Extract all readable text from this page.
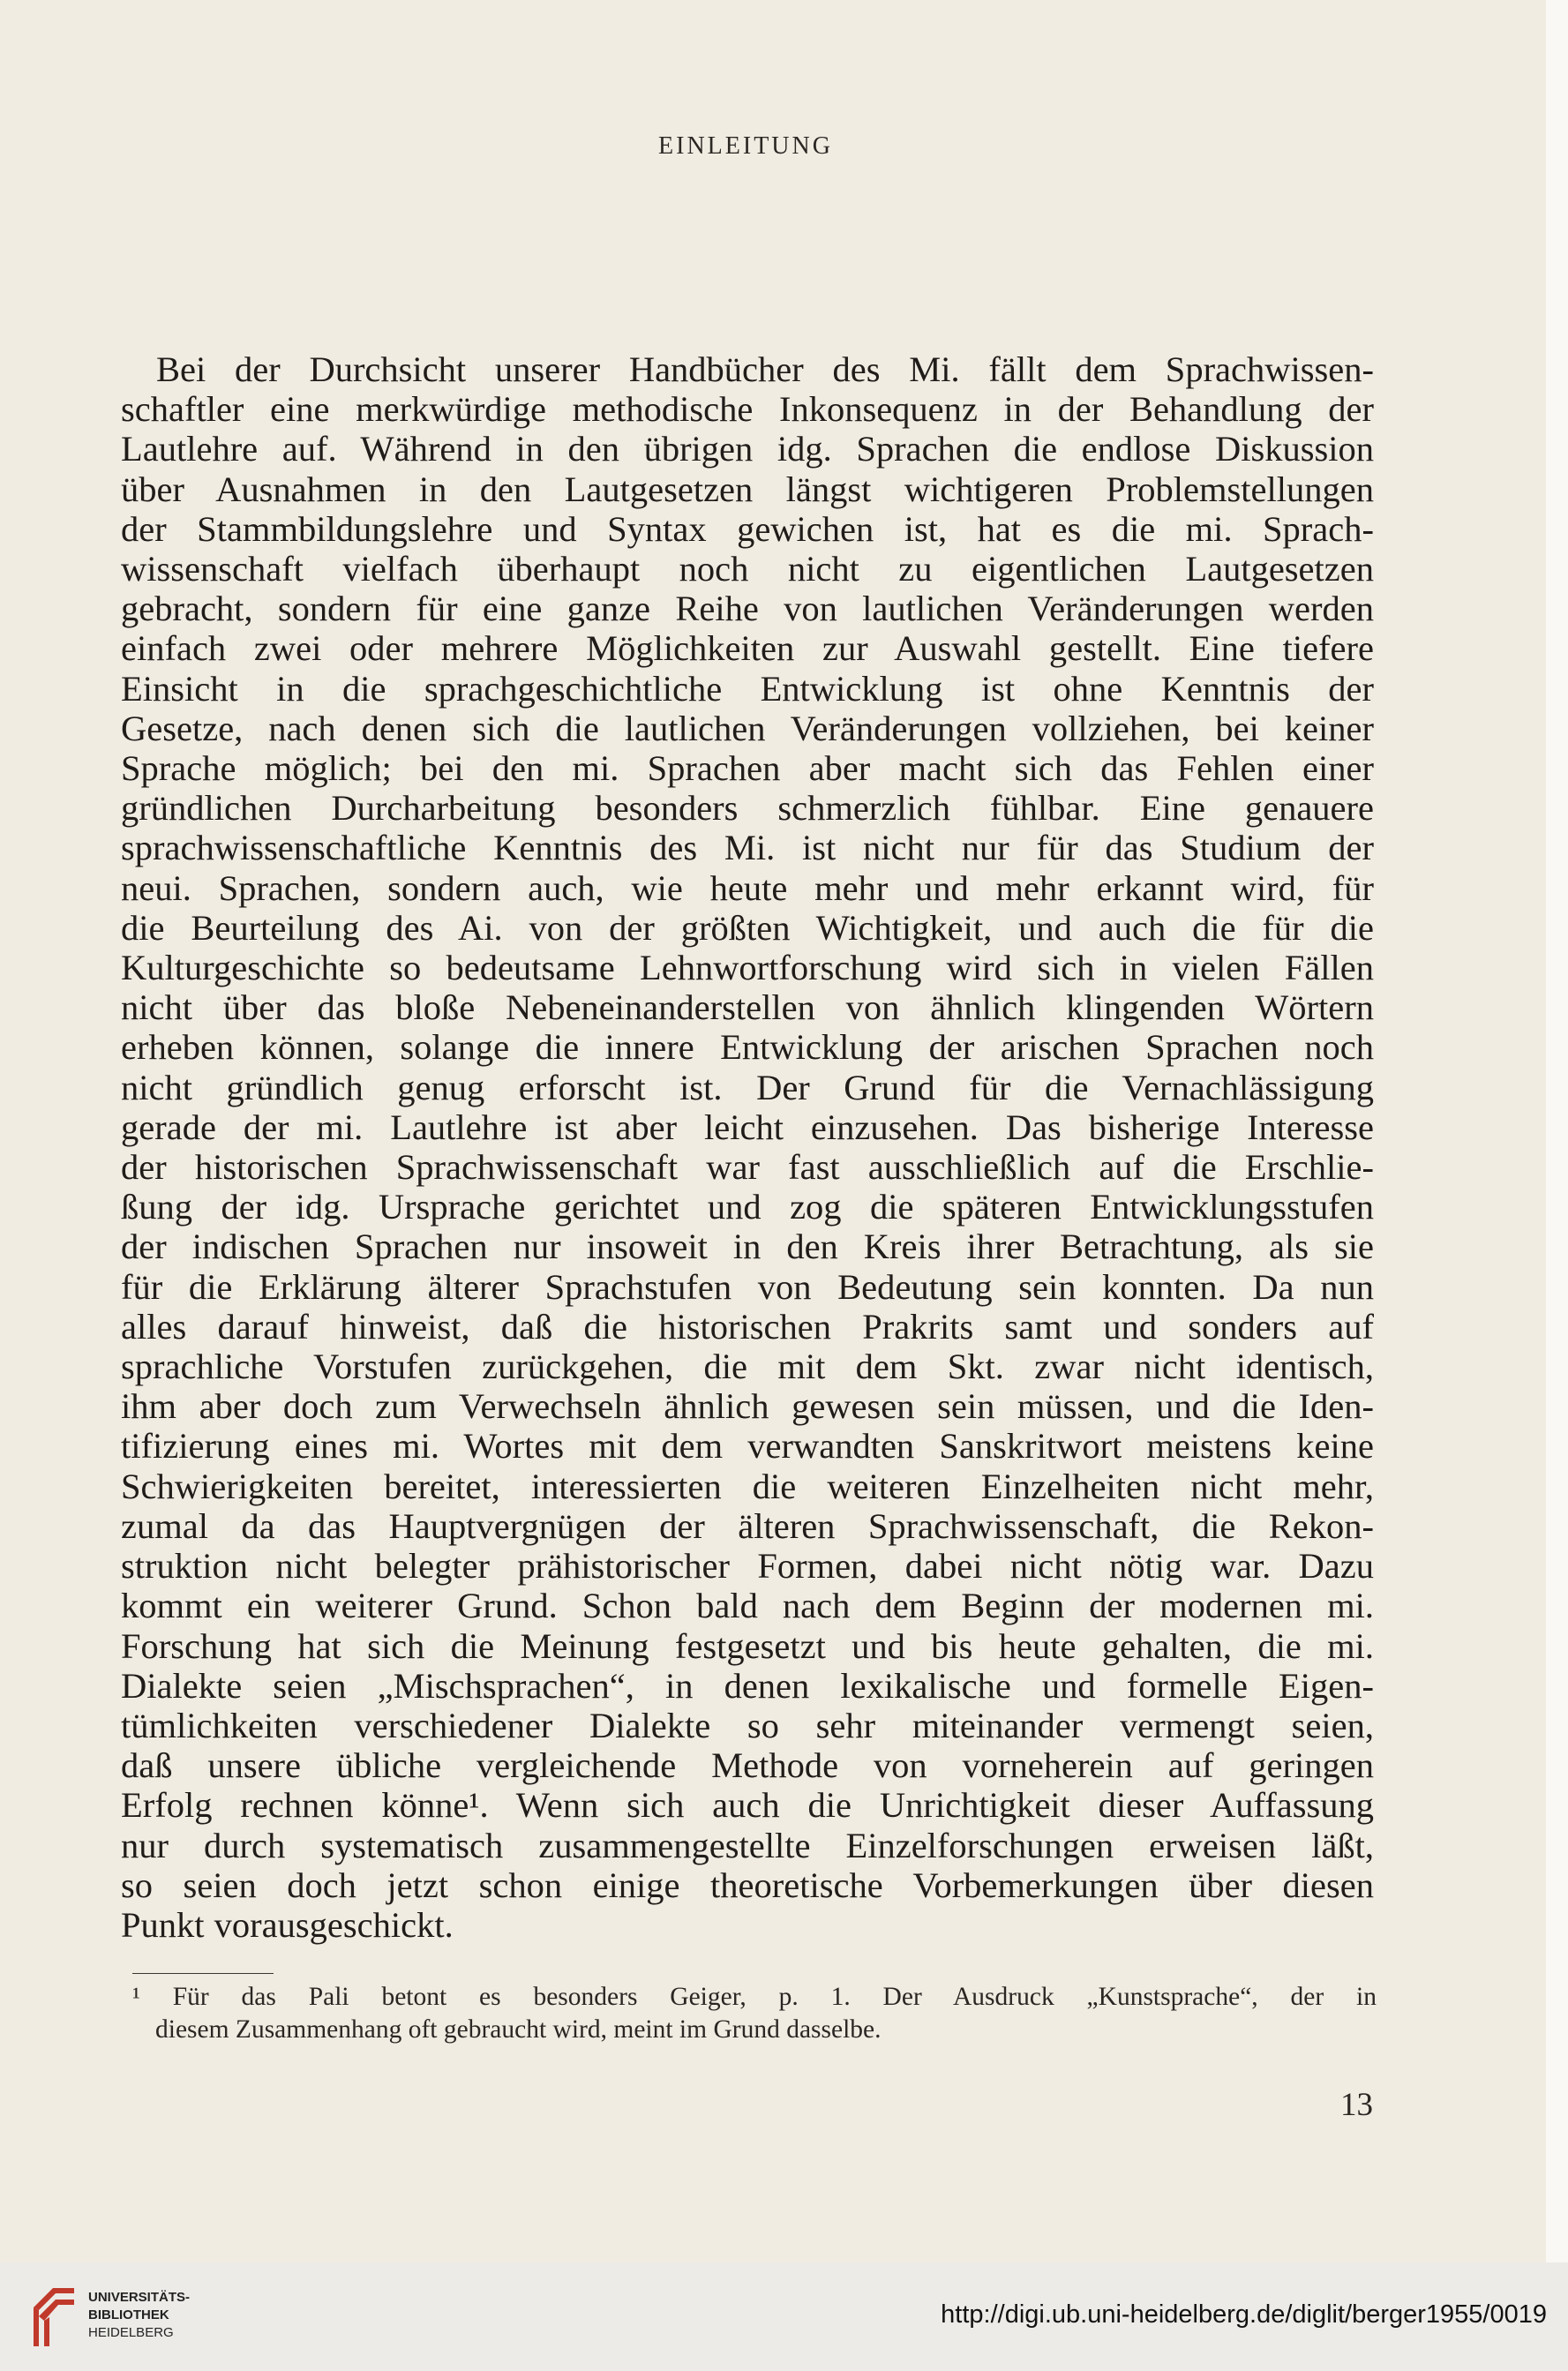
EINLEITUNG
Bei der Durchsicht unserer Handbücher des Mi. fällt dem Sprachwissen-
schaftler eine merkwürdige methodische Inkonsequenz in der Behandlung der
Lautlehre auf. Während in den übrigen idg. Sprachen die endlose Diskussion
über Ausnahmen in den Lautgesetzen längst wichtigeren Problemstellungen
der Stammbildungslehre und Syntax gewichen ist, hat es die mi. Sprach-
wissenschaft vielfach überhaupt noch nicht zu eigentlichen Lautgesetzen
gebracht, sondern für eine ganze Reihe von lautlichen Veränderungen werden
einfach zwei oder mehrere Möglichkeiten zur Auswahl gestellt. Eine tiefere
Einsicht in die sprachgeschichtliche Entwicklung ist ohne Kenntnis der
Gesetze, nach denen sich die lautlichen Veränderungen vollziehen, bei keiner
Sprache möglich; bei den mi. Sprachen aber macht sich das Fehlen einer
gründlichen Durcharbeitung besonders schmerzlich fühlbar. Eine genauere
sprachwissenschaftliche Kenntnis des Mi. ist nicht nur für das Studium der
neui. Sprachen, sondern auch, wie heute mehr und mehr erkannt wird, für
die Beurteilung des Ai. von der größten Wichtigkeit, und auch die für die
Kulturgeschichte so bedeutsame Lehnwortforschung wird sich in vielen Fällen
nicht über das bloße Nebeneinanderstellen von ähnlich klingenden Wörtern
erheben können, solange die innere Entwicklung der arischen Sprachen noch
nicht gründlich genug erforscht ist. Der Grund für die Vernachlässigung
gerade der mi. Lautlehre ist aber leicht einzusehen. Das bisherige Interesse
der historischen Sprachwissenschaft war fast ausschließlich auf die Erschlie-
ßung der idg. Ursprache gerichtet und zog die späteren Entwicklungsstufen
der indischen Sprachen nur insoweit in den Kreis ihrer Betrachtung, als sie
für die Erklärung älterer Sprachstufen von Bedeutung sein konnten. Da nun
alles darauf hinweist, daß die historischen Prakrits samt und sonders auf
sprachliche Vorstufen zurückgehen, die mit dem Skt. zwar nicht identisch,
ihm aber doch zum Verwechseln ähnlich gewesen sein müssen, und die Iden-
tifizierung eines mi. Wortes mit dem verwandten Sanskritwort meistens keine
Schwierigkeiten bereitet, interessierten die weiteren Einzelheiten nicht mehr,
zumal da das Hauptvergnügen der älteren Sprachwissenschaft, die Rekon-
struktion nicht belegter prähistorischer Formen, dabei nicht nötig war. Dazu
kommt ein weiterer Grund. Schon bald nach dem Beginn der modernen mi.
Forschung hat sich die Meinung festgesetzt und bis heute gehalten, die mi.
Dialekte seien „Mischsprachen“, in denen lexikalische und formelle Eigen-
tümlichkeiten verschiedener Dialekte so sehr miteinander vermengt seien,
daß unsere übliche vergleichende Methode von vorneherein auf geringen
Erfolg rechnen könne¹. Wenn sich auch die Unrichtigkeit dieser Auffassung
nur durch systematisch zusammengestellte Einzelforschungen erweisen läßt,
so seien doch jetzt schon einige theoretische Vorbemerkungen über diesen
Punkt vorausgeschickt.
¹ Für das Pali betont es besonders Geiger, p. 1. Der Ausdruck „Kunstsprache“, der in
diesem Zusammenhang oft gebraucht wird, meint im Grund dasselbe.
13
UNIVERSITÄTS-
BIBLIOTHEK
HEIDELBERG
http://digi.ub.uni-heidelberg.de/diglit/berger1955/0019
